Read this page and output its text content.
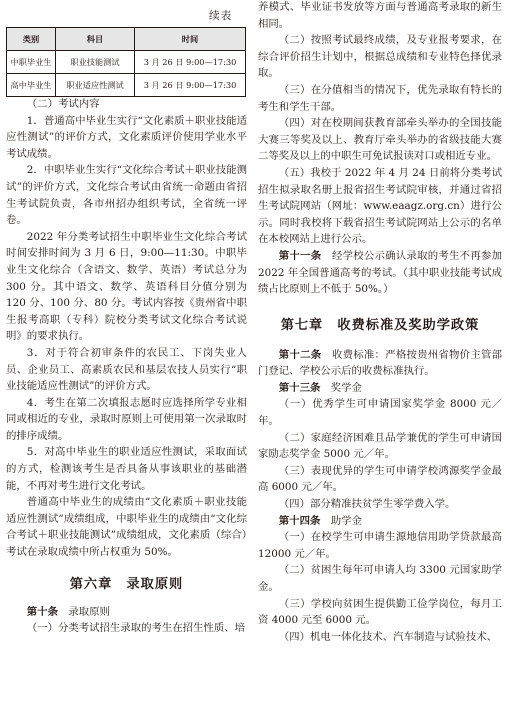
续表
类别	科目	时间
中职毕业生	职业技能测试	3 月 26 日 9:00—17:30
高中毕业生	职业适应性测试	3 月 26 日 9:00—17:30

（二）考试内容

1．普通高中毕业生实行“文化素质＋职业技能适应性测试”的评价方式，文化素质评价使用学业水平考试成绩。

2．中职毕业生实行“文化综合考试＋职业技能测试”的评价方式，文化综合考试由省统一命题由省招生考试院负责，各市州招办组织考试，全省统一评卷。

2022 年分类考试招生中职毕业生文化综合考试时间安排时间为 3 月 6 日，9:00—11:30。中职毕业生文化综合（含语文、数学、英语）考试总分为 300 分。其中语文、数学、英语科目分值分别为 120 分、100 分、80 分。考试内容按《贵州省中职生报考高职（专科）院校分类考试文化综合考试说明》的要求执行。

3．对于符合初审条件的农民工、下岗失业人员、企业员工、高素质农民和基层农技人员实行“职业技能适应性测试”的评价方式。

4．考生在第二次填报志愿时应选择所学专业相同或相近的专业，录取时原则上可使用第一次录取时的排序成绩。

5．对高中毕业生的职业适应性测试，采取面试的方式，检测该考生是否具备从事该职业的基础潜能，不再对考生进行文化考试。

普通高中毕业生的成绩由“文化素质＋职业技能适应性测试”成绩组成，中职毕业生的成绩由“文化综合考试＋职业技能测试”成绩组成，文化素质（综合）考试在录取成绩中所占权重为 50%。

第六章　录取原则

第十条　 录取原则

（一）分类考试招生录取的考生在招生性质、培

养模式、毕业证书发放等方面与普通高考录取的新生相同。

（二）按照考试最终成绩，及专业报考要求，在综合评价招生计划中，根据总成绩和专业特色择优录取。

（三）在分值相当的情况下，优先录取有特长的考生和学生干部。

（四）对在校期间获教育部牵头举办的全国技能大赛三等奖及以上、教育厅牵头举办的省级技能大赛二等奖及以上的中职生可免试报读对口或相近专业。

（五）我校于 2022 年 4 月 24 日前将分类考试招生拟录取名册上报省招生考试院审核，并通过省招生考试院网站（网址：www.eaagz.org.cn）进行公示。同时我校将下载省招生考试院网站上公示的名单在本校网站上进行公示。

第十一条　 经学校公示确认录取的考生不再参加 2022 年全国普通高考的考试。（其中职业技能考试成绩占比原则上不低于 50%。）

第七章　收费标准及奖助学政策

第十二条　 收费标准：严格按贵州省物价主管部门登记、学校公示后的收费标准执行。

第十三条　 奖学金

（一）优秀学生可申请国家奖学金 8000 元／年。

（二）家庭经济困难且品学兼优的学生可申请国家励志奖学金 5000 元／年。

（三）表现优异的学生可申请学校鸿源奖学金最高 6000 元／年。

（四）部分精准扶贫学生零学费入学。

第十四条　 助学金

（一）在校学生可申请生源地信用助学贷款最高 12000 元／年。

（二）贫困生每年可申请人均 3300 元国家助学金。

（三）学校向贫困生提供勤工俭学岗位，每月工资 4000 元至 6000 元。

（四）机电一体化技术、汽车制造与试验技术、
